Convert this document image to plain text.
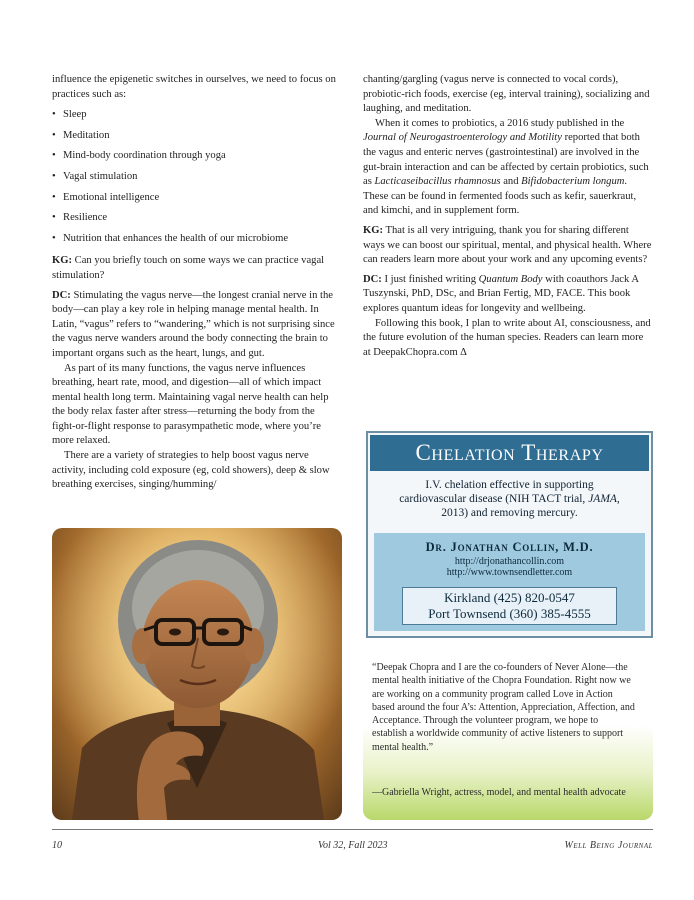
influence the epigenetic switches in ourselves, we need to focus on practices such as:

• Sleep
• Meditation
• Mind-body coordination through yoga
• Vagal stimulation
• Emotional intelligence
• Resilience
• Nutrition that enhances the health of our microbiome

KG: Can you briefly touch on some ways we can practice vagal stimulation?

DC: Stimulating the vagus nerve—the longest cranial nerve in the body—can play a key role in helping manage mental health. In Latin, “vagus” refers to “wandering,” which is not surprising since the vagus nerve wanders around the body connecting the brain to important organs such as the heart, lungs, and gut.

As part of its many functions, the vagus nerve influences breathing, heart rate, mood, and digestion—all of which impact mental health long term. Maintaining vagal nerve health can help the body relax faster after stress—returning the body from the fight-or-flight response to parasympathetic mode, where you’re more relaxed.

There are a variety of strategies to help boost vagus nerve activity, including cold exposure (eg, cold showers), deep & slow breathing exercises, singing/humming/

chanting/gargling (vagus nerve is connected to vocal cords), probiotic-rich foods, exercise (eg, interval training), socializing and laughing, and meditation.

When it comes to probiotics, a 2016 study published in the Journal of Neurogastroenterology and Motility reported that both the vagus and enteric nerves (gastrointestinal) are involved in the gut-brain interaction and can be affected by certain probiotics, such as Lacticaseibacillus rhamnosus and Bifidobacterium longum. These can be found in fermented foods such as kefir, sauerkraut, and kimchi, and in supplement form.

KG: That is all very intriguing, thank you for sharing different ways we can boost our spiritual, mental, and physical health. Where can readers learn more about your work and any upcoming events?

DC: I just finished writing Quantum Body with coauthors Jack A Tuszynski, PhD, DSc, and Brian Fertig, MD, FACE. This book explores quantum ideas for longevity and wellbeing.

Following this book, I plan to write about AI, consciousness, and the future evolution of the human species. Readers can learn more at DeepakChopra.com ∆

Chelation Therapy
I.V. chelation effective in supporting
cardiovascular disease (NIH TACT trial, JAMA,
2013) and removing mercury.
Dr. Jonathan Collin, M.D.
http://drjonathancollin.com
http://www.townsendletter.com
Kirkland (425) 820-0547
Port Townsend (360) 385-4555

“Deepak Chopra and I are the co-founders of Never Alone—the mental health initiative of the Chopra Foundation. Right now we are working on a community program called Love in Action based around the four A’s: Attention, Appreciation, Affection, and Acceptance. Through the volunteer program, we hope to establish a worldwide community of active listeners to support mental health.”

—Gabriella Wright, actress, model, and mental health advocate

10	Vol 32, Fall 2023	Well Being Journal
